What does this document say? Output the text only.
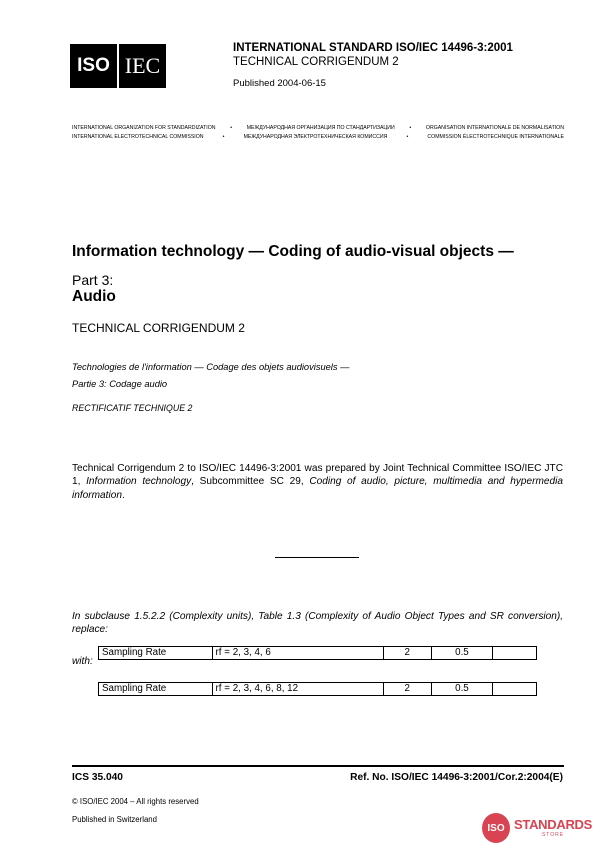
ISO IEC
INTERNATIONAL STANDARD ISO/IEC 14496-3:2001
TECHNICAL CORRIGENDUM 2
Published 2004-06-15
INTERNATIONAL ORGANIZATION FOR STANDARDIZATION	•	МЕЖДУНАРОДНАЯ ОРГАНИЗАЦИЯ ПО СТАНДАРТИЗАЦИИ	•	ORGANISATION INTERNATIONALE DE NORMALISATION
INTERNATIONAL ELECTROTECHNICAL COMMISSION	•	МЕЖДУНАРОДНАЯ ЭЛЕКТРОТЕХНИЧЕСКАЯ КОМИССИЯ	•	COMMISSION ÉLECTROTECHNIQUE INTERNATIONALE
Information technology — Coding of audio-visual objects —
Part 3:
Audio
TECHNICAL CORRIGENDUM 2
Technologies de l'information — Codage des objets audiovisuels —
Partie 3: Codage audio
RECTIFICATIF TECHNIQUE 2
Technical Corrigendum 2 to ISO/IEC 14496-3:2001 was prepared by Joint Technical Committee ISO/IEC JTC 1, Information technology, Subcommittee SC 29, Coding of audio, picture, multimedia and hypermedia information.
In subclause 1.5.2.2 (Complexity units), Table 1.3 (Complexity of Audio Object Types and SR conversion), replace:
Sampling Rate	rf = 2, 3, 4, 6	2	0.5	
with:
Sampling Rate	rf = 2, 3, 4, 6, 8, 12	2	0.5	
ICS 35.040	Ref. No. ISO/IEC 14496-3:2001/Cor.2:2004(E)
© ISO/IEC 2004 – All rights reserved
Published in Switzerland
ISO STANDARDS
STORE
